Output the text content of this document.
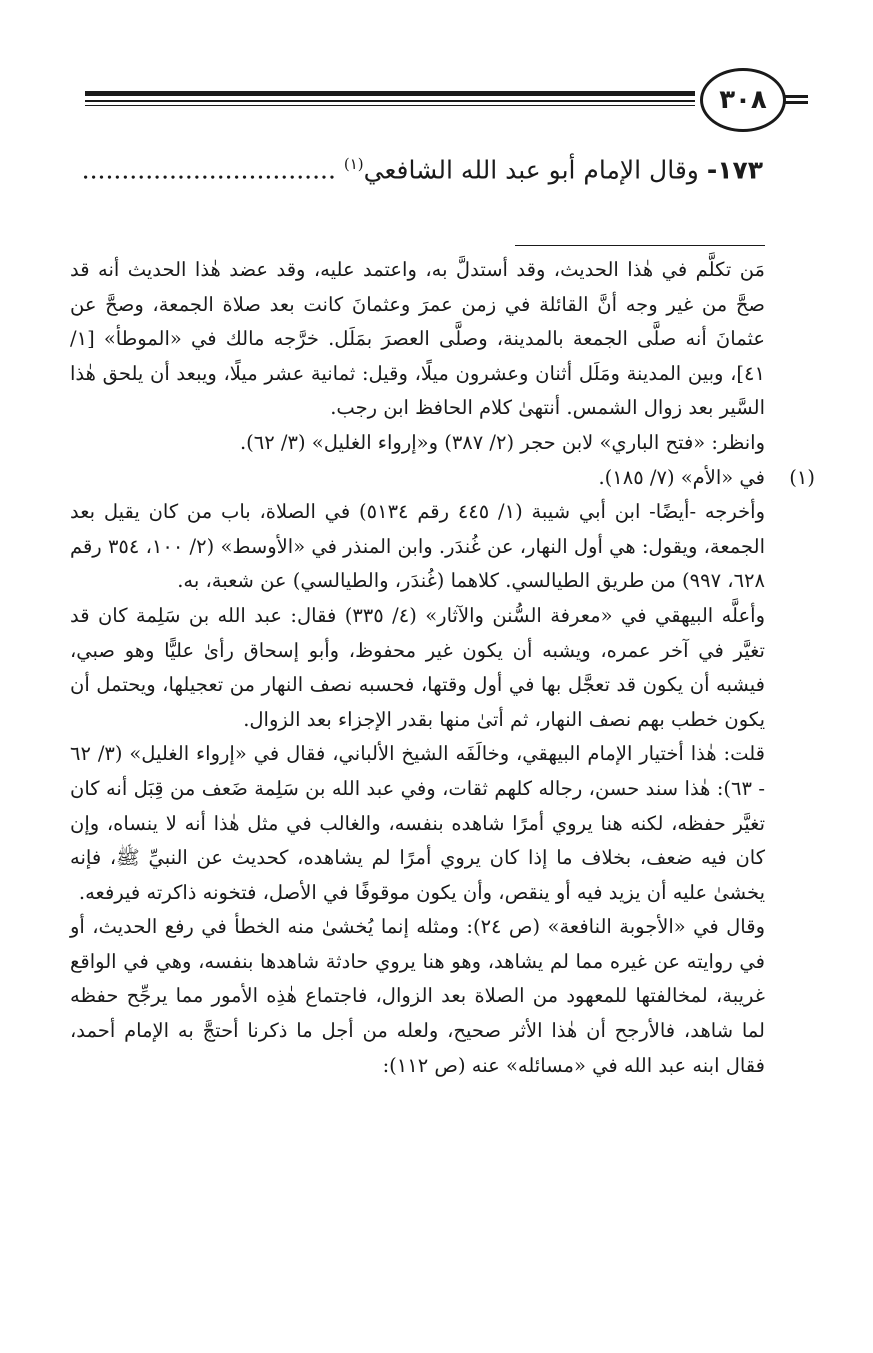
٣٠٨
١٧٣- وقال الإمام أبو عبد الله الشافعي$^{(١)}$ ................................

مَن تكلَّم في هٰذا الحديث، وقد أستدلَّ به، واعتمد عليه، وقد عضد هٰذا الحديث أنه قد صحَّ من غير وجه أنَّ القائلة في زمن عمرَ وعثمانَ كانت بعد صلاة الجمعة، وصحَّ عن عثمانَ أنه صلَّى الجمعة بالمدينة، وصلَّى العصرَ بمَلَل. خرَّجه مالك في «الموطأ» [١/ ٤١]، وبين المدينة ومَلَل أثنان وعشرون ميلًا، وقيل: ثمانية عشر ميلًا، ويبعد أن يلحق هٰذا السَّير بعد زوال الشمس. أنتهىٰ كلام الحافظ ابن رجب.

وانظر: «فتح الباري» لابن حجر (٢/ ٣٨٧) و«إرواء الغليل» (٣/ ٦٢).

(١)

في «الأم» (٧/ ١٨٥).

وأخرجه -أيضًا- ابن أبي شيبة (١/ ٤٤٥ رقم ٥١٣٤) في الصلاة، باب من كان يقيل بعد الجمعة، ويقول: هي أول النهار، عن غُندَر. وابن المنذر في «الأوسط» (٢/ ١٠٠، ٣٥٤ رقم ٦٢٨، ٩٩٧) من طريق الطيالسي. كلاهما (غُندَر، والطيالسي) عن شعبة، به.

وأعلَّه البيهقي في «معرفة السُّنن والآثار» (٤/ ٣٣٥) فقال: عبد الله بن سَلِمة كان قد تغيَّر في آخر عمره، ويشبه أن يكون غير محفوظ، وأبو إسحاق رأىٰ عليًّا وهو صبي، فيشبه أن يكون قد تعجَّل بها في أول وقتها، فحسبه نصف النهار من تعجيلها، ويحتمل أن يكون خطب بهم نصف النهار، ثم أتىٰ منها بقدر الإجزاء بعد الزوال.

قلت: هٰذا أختيار الإمام البيهقي، وخالَفَه الشيخ الألباني، فقال في «إرواء الغليل» (٣/ ٦٢ - ٦٣): هٰذا سند حسن، رجاله كلهم ثقات، وفي عبد الله بن سَلِمة ضَعف من قِبَل أنه كان تغيَّر حفظه، لكنه هنا يروي أمرًا شاهده بنفسه، والغالب في مثل هٰذا أنه لا ينساه، وإن كان فيه ضعف، بخلاف ما إذا كان يروي أمرًا لم يشاهده، كحديث عن النبيِّ ﷺ، فإنه يخشىٰ عليه أن يزيد فيه أو ينقص، وأن يكون موقوفًا في الأصل، فتخونه ذاكرته فيرفعه.

وقال في «الأجوبة النافعة» (ص ٢٤): ومثله إنما يُخشىٰ منه الخطأ في رفع الحديث، أو في روايته عن غيره مما لم يشاهد، وهو هنا يروي حادثة شاهدها بنفسه، وهي في الواقع غريبة، لمخالفتها للمعهود من الصلاة بعد الزوال، فاجتماع هٰذِه الأمور مما يرجِّح حفظه لما شاهد، فالأرجح أن هٰذا الأثر صحيح، ولعله من أجل ما ذكرنا أحتجَّ به الإمام أحمد، فقال ابنه عبد الله في «مسائله» عنه (ص ١١٢):
